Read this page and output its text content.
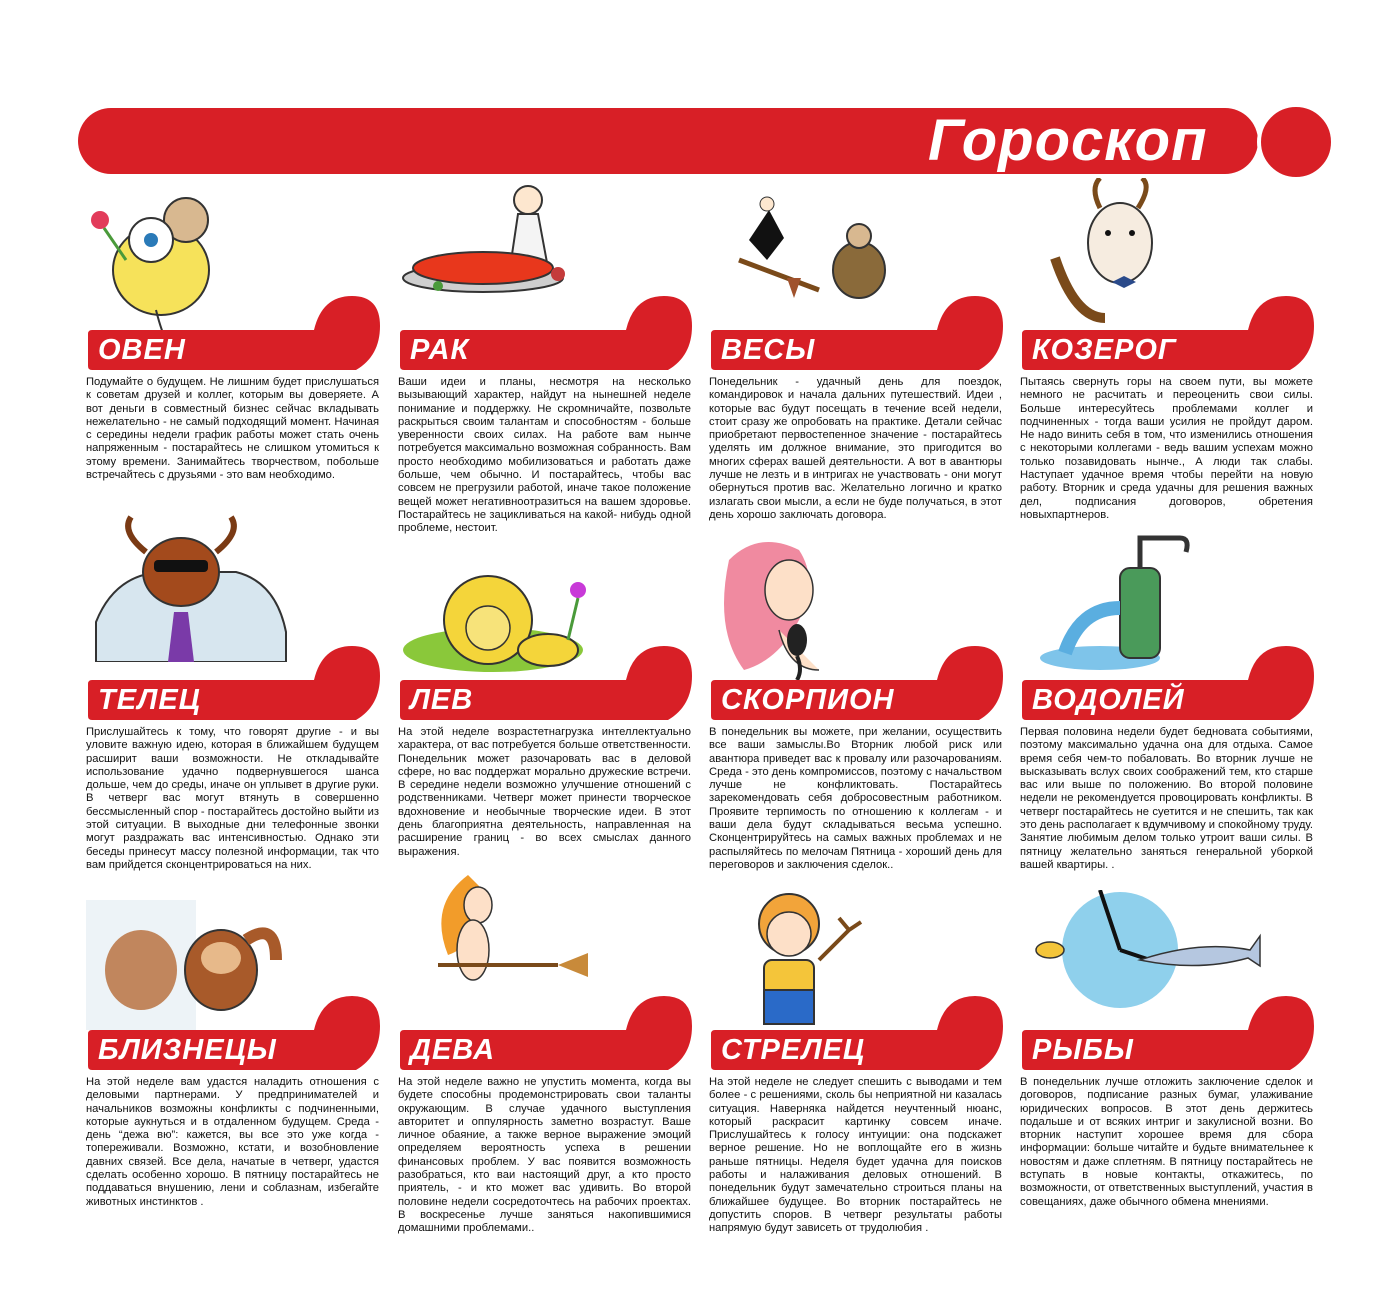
Гороскоп
ОВЕН

Подумайте о будущем. Не лишним будет прислушаться к советам друзей и коллег, которым вы доверяете. А вот деньги в совместный бизнес сейчас вкладывать нежелательно - не самый подходящий момент. Начиная с середины недели график работы может стать очень напряженным - постарайтесь не слишком утомиться к этому времени. Занимайтесь творчеством, побольше встречайтесь с друзьями - это вам необходимо.

РАК

Ваши идеи и планы, несмотря на несколько вызывающий характер, найдут на нынешней неделе понимание и поддержку. Не скромничайте, позвольте раскрыться своим талантам и способностям - больше уверенности своих силах. На работе вам нынче потребуется максимально возможная собранность. Вам просто необходимо мобилизоваться и работать даже больше, чем обычно. И постарайтесь, чтобы вас совсем не прегрузили работой, иначе такое положение вещей может негативноотразиться на вашем здоровье. Постарайтесь не зацикливаться на какой- нибудь одной проблеме, нестоит.

ВЕСЫ

Понедельник - удачный день для поездок, командировок и начала дальних путешествий. Идеи , которые вас будут посещать в течение всей недели, стоит сразу же опробовать на практике. Детали сейчас приобретают первостепенное значение - постарайтесь уделять им должное внимание, это пригодится во многих сферах вашей деятельности. А вот в авантюры лучше не лезть и в интригах не участвовать - они могут обернуться против вас. Желательно логично и кратко излагать свои мысли, а если не буде получаться, в этот день хорошо заключать договора.

КОЗЕРОГ

Пытаясь свернуть горы на своем пути, вы можете немного не расчитать и переоценить свои силы. Больше интересуйтесь проблемами коллег и подчиненных - тогда ваши усилия не пройдут даром. Не надо винить себя в том, что изменились отношения с некоторыми коллегами - ведь вашим успехам можно только позавидовать нынче., А люди так слабы. Наступает удачное время чтобы перейти на новую работу. Вторник и среда удачны для решения важных дел, подписания договоров, обретения новыхпартнеров.

ТЕЛЕЦ

Прислушайтесь к тому, что говорят другие - и вы уловите важную идею, которая в ближайшем будущем расширит ваши возможности. Не откладывайте использование удачно подвернувшегося шанса дольше, чем до среды, иначе он уплывет в другие руки. В четверг вас могут втянуть в совершенно бессмысленный спор - постарайтесь достойно выйти из этой ситуации. В выходные дни телефонные звонки могут раздражать вас интенсивностью. Однако эти беседы принесут массу полезной информации, так что вам прийдется сконцентрироваться на них.

ЛЕВ

На этой неделе возрастетнагрузка интеллектуально характера, от вас потребуется больше ответственности. Понедельник может разочаровать вас в деловой сфере, но вас поддержат морально дружеские встречи. В середине недели возможно улучшение отношений с родственниками. Четверг может принести творческое вдохновение и необычные творческие идеи. В этот день благоприятна деятельность, направленная на расширение границ - во всех смыслах данного выражения.

СКОРПИОН

В понедельник вы можете, при желании, осуществить все ваши замыслы.Во Вторник любой риск или авантюра приведет вас к провалу или разочарованиям. Среда - это день компромиссов, поэтому с начальством лучше не конфликтовать. Постарайтесь зарекомендовать себя добросовестным работником. Проявите терпимость по отношению к коллегам - и ваши дела будут складываться весьма успешно. Сконцентрируйтесь на самых важных проблемах и не распыляйтесь по мелочам Пятница - хороший день для переговоров и заключения сделок..

ВОДОЛЕЙ

Первая половина недели будет бедновата событиями, поэтому максимально удачна она для отдыха. Самое время себя чем-то побаловать. Во вторник лучше не высказывать вслух своих соображений тем, кто старше вас или выше по положению. Во второй половине недели не рекомендуется провоцировать конфликты. В четверг постарайтесь не суетится и не спешить, так как это день располагает к вдумчивому и спокойному труду. Занятие любимым делом только утроит ваши силы. В пятницу желательно заняться генеральной уборкой вашей квартиры. .

БЛИЗНЕЦЫ

На этой неделе вам удастся наладить отношения с деловыми партнерами. У предпринимателей и начальников возможны конфликты с подчиненными, которые аукнуться и в отдаленном будущем. Среда - день “дежа вю”: кажется, вы все это уже когда - топереживали. Возможно, кстати, и возобновление давних связей. Все дела, начатые в четверг, удастся сделать особенно хорошо. В пятницу постарайтесь не поддаваться внушению, лени и соблазнам, избегайте животных инстинктов .

ДЕВА

На этой неделе важно не упустить момента, когда вы будете способны продемонстрировать свои таланты окружающим. В случае удачного выступления авторитет и оппулярность заметно возрастут. Ваше личное обаяние, а также верное выражение эмоций определяем вероятность успеха в решении финансовых проблем. У вас появится возможность разобраться, кто ваи настоящий друг, а кто просто приятель, - и кто может вас удивить. Во второй половине недели сосредоточтесь на рабочих проектах. В воскресенье лучше заняться накопившимися домашними проблемами..

СТРЕЛЕЦ

На этой неделе не следует спешить с выводами и тем более - с решениями, сколь бы неприятной ни казалась ситуация. Наверняка найдется неучтенный нюанс, который раскрасит картинку совсем иначе. Прислушайтесь к голосу интуиции: она подскажет верное решение. Но не воплощайте его в жизнь раньше пятницы. Неделя будет удачна для поисков работы и налаживания деловых отношений. В понедельник будут замечательно строиться планы на ближайшее будущее. Во вторник постарайтесь не допустить споров. В четверг результаты работы напрямую будут зависеть от трудолюбия .

РЫБЫ

В понедельник лучше отложить заключение сделок и договоров, подписание разных бумаг, улаживание юридических вопросов. В этот день держитесь подальше и от всяких интриг и закулисной возни. Во вторник наступит хорошее время для сбора информации: больше читайте и будьте внимательнее к новостям и даже сплетням. В пятницу постарайтесь не вступать в новые контакты, откажитесь, по возможности, от ответственных выступлений, участия в совещаниях, даже обычного обмена мнениями.
